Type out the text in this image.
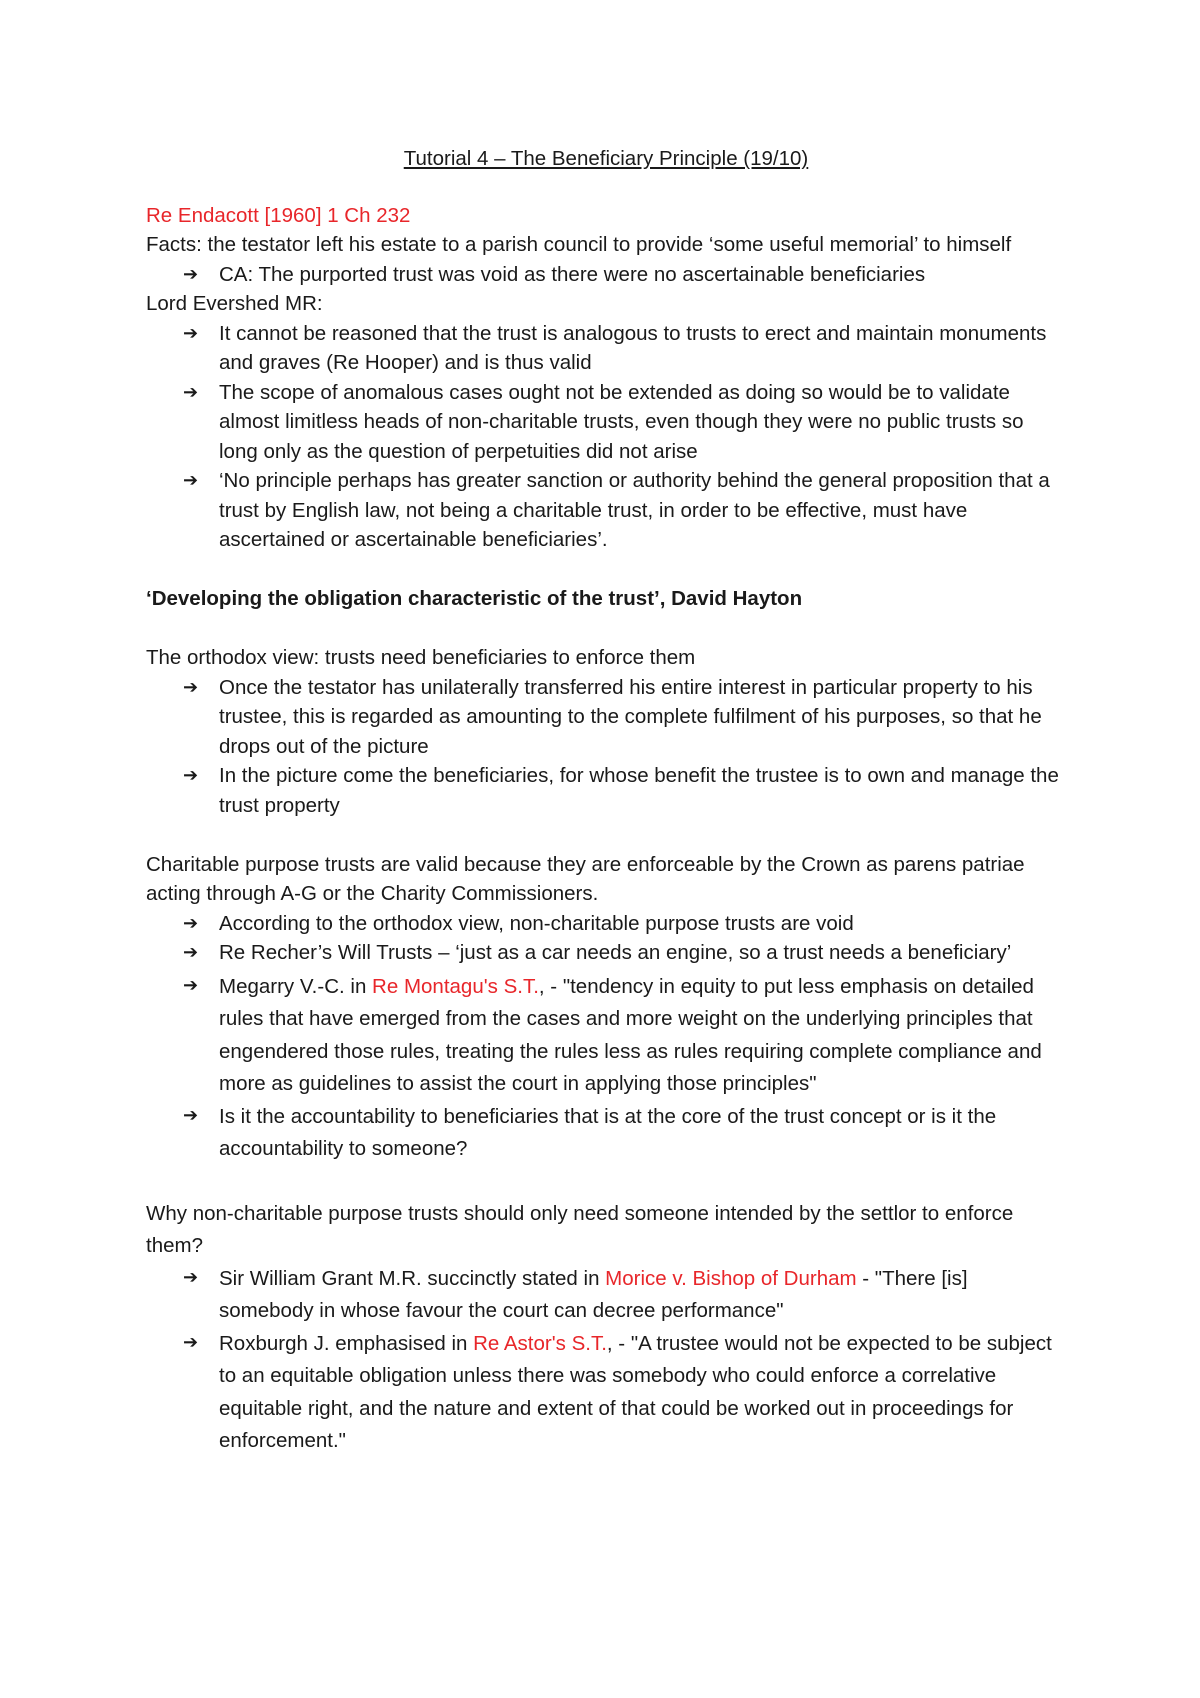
Tutorial 4 – The Beneficiary Principle (19/10)

Re Endacott [1960] 1 Ch 232

Facts: the testator left his estate to a parish council to provide ‘some useful memorial’ to himself

➔ CA: The purported trust was void as there were no ascertainable beneficiaries

Lord Evershed MR:

➔ It cannot be reasoned that the trust is analogous to trusts to erect and maintain monuments and graves (Re Hooper) and is thus valid
➔ The scope of anomalous cases ought not be extended as doing so would be to validate almost limitless heads of non-charitable trusts, even though they were no public trusts so long only as the question of perpetuities did not arise
➔ ‘No principle perhaps has greater sanction or authority behind the general proposition that a trust by English law, not being a charitable trust, in order to be effective, must have ascertained or ascertainable beneficiaries’.

‘Developing the obligation characteristic of the trust’, David Hayton

The orthodox view: trusts need beneficiaries to enforce them

➔ Once the testator has unilaterally transferred his entire interest in particular property to his trustee, this is regarded as amounting to the complete fulfilment of his purposes, so that he drops out of the picture
➔ In the picture come the beneficiaries, for whose benefit the trustee is to own and manage the trust property

Charitable purpose trusts are valid because they are enforceable by the Crown as parens patriae acting through A-G or the Charity Commissioners.

➔ According to the orthodox view, non-charitable purpose trusts are void
➔ Re Recher’s Will Trusts – ‘just as a car needs an engine, so a trust needs a beneficiary’
➔ Megarry V.-C. in Re Montagu's S.T., - "tendency in equity to put less emphasis on detailed rules that have emerged from the cases and more weight on the underlying principles that engendered those rules, treating the rules less as rules requiring complete compliance and more as guidelines to assist the court in applying those principles"
➔ Is it the accountability to beneficiaries that is at the core of the trust concept or is it the accountability to someone?

Why non-charitable purpose trusts should only need someone intended by the settlor to enforce them?

➔ Sir William Grant M.R. succinctly stated in Morice v. Bishop of Durham - "There [is] somebody in whose favour the court can decree performance"
➔ Roxburgh J. emphasised in Re Astor's S.T., - "A trustee would not be expected to be subject to an equitable obligation unless there was somebody who could enforce a correlative equitable right, and the nature and extent of that could be worked out in proceedings for enforcement."
